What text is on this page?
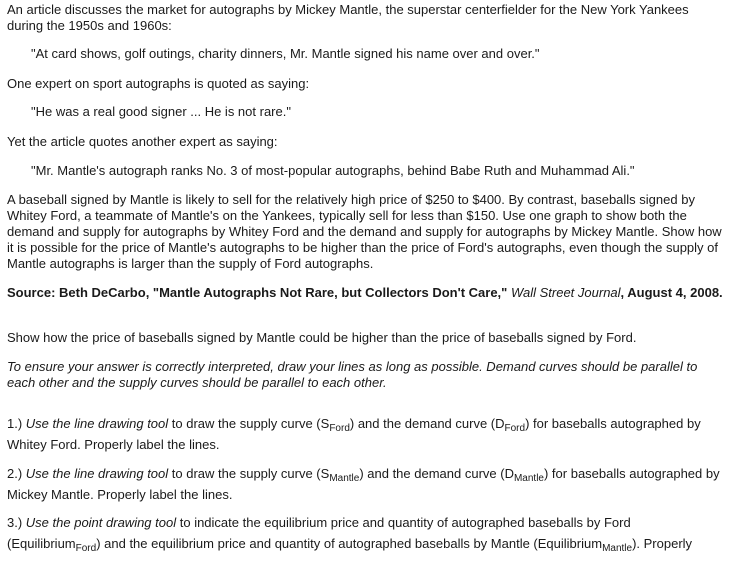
An article discusses the market for autographs by Mickey Mantle, the superstar centerfielder for the New York Yankees during the 1950s and 1960s:

"At card shows, golf outings, charity dinners, Mr. Mantle signed his name over and over."

One expert on sport autographs is quoted as saying:

"He was a real good signer ... He is not rare."

Yet the article quotes another expert as saying:

"Mr. Mantle's autograph ranks No. 3 of most-popular autographs, behind Babe Ruth and Muhammad Ali."

A baseball signed by Mantle is likely to sell for the relatively high price of $250 to $400. By contrast, baseballs signed by Whitey Ford, a teammate of Mantle's on the Yankees, typically sell for less than $150. Use one graph to show both the demand and supply for autographs by Whitey Ford and the demand and supply for autographs by Mickey Mantle. Show how it is possible for the price of Mantle's autographs to be higher than the price of Ford's autographs, even though the supply of Mantle autographs is larger than the supply of Ford autographs.

Source: Beth DeCarbo, "Mantle Autographs Not Rare, but Collectors Don't Care," Wall Street Journal, August 4, 2008.

Show how the price of baseballs signed by Mantle could be higher than the price of baseballs signed by Ford.

To ensure your answer is correctly interpreted, draw your lines as long as possible. Demand curves should be parallel to each other and the supply curves should be parallel to each other.

1.) Use the line drawing tool to draw the supply curve $(S_{Ford})$ and the demand curve $(D_{Ford})$ for baseballs autographed by Whitey Ford. Properly label the lines.

2.) Use the line drawing tool to draw the supply curve $(S_{Mantle})$ and the demand curve $(D_{Mantle})$ for baseballs autographed by Mickey Mantle. Properly label the lines.

3.) Use the point drawing tool to indicate the equilibrium price and quantity of autographed baseballs by Ford (Equilibrium$_{Ford}$) and the equilibrium price and quantity of autographed baseballs by Mantle (Equilibrium$_{Mantle}$). Properly
